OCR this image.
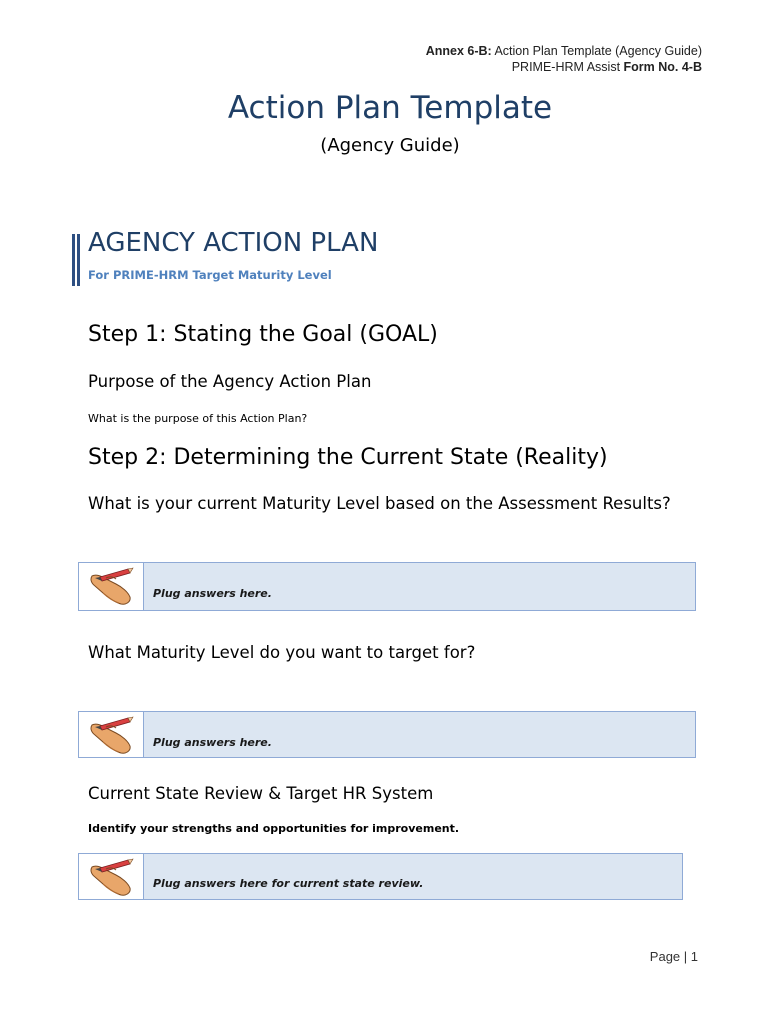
Annex 6-B: Action Plan Template (Agency Guide)
PRIME-HRM Assist Form No. 4-B
Action Plan Template
(Agency Guide)
AGENCY ACTION PLAN
For PRIME-HRM Target Maturity Level
Step 1: Stating the Goal (GOAL)
Purpose of the Agency Action Plan
What is the purpose of this Action Plan?
Step 2: Determining the Current State (Reality)
What is your current Maturity Level based on the Assessment Results?
Plug answers here.
What Maturity Level do you want to target for?
Plug answers here.
Current State Review & Target HR System
Identify your strengths and opportunities for improvement.
Plug answers here for current state review.
Page | 1
